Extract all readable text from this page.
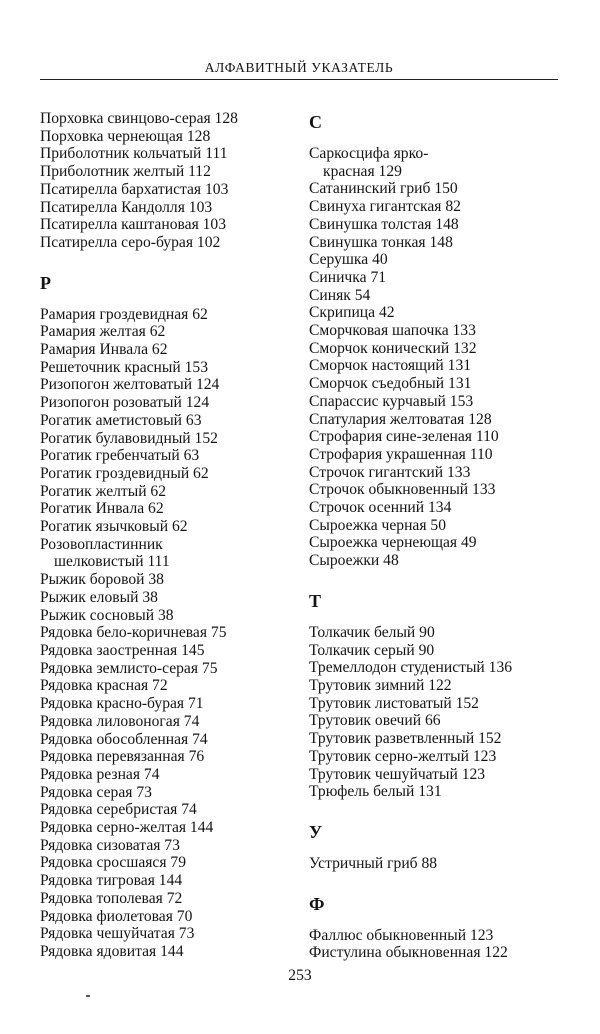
АЛФАВИТНЫЙ УКАЗАТЕЛЬ
Порховка свинцово-серая 128
Порховка чернеющая 128
Приболотник кольчатый 111
Приболотник желтый 112
Псатирелла бархатистая 103
Псатирелла Кандолля 103
Псатирелла каштановая 103
Псатирелла серо-бурая 102
Р
Рамария гроздевидная 62
Рамария желтая 62
Рамария Инвала 62
Решеточник красный 153
Ризопогон желтоватый 124
Ризопогон розоватый 124
Рогатик аметистовый 63
Рогатик булавовидный 152
Рогатик гребенчатый 63
Рогатик гроздевидный 62
Рогатик желтый 62
Рогатик Инвала 62
Рогатик язычковый 62
Розовопластинник
шелковистый 111
Рыжик боровой 38
Рыжик еловый 38
Рыжик сосновый 38
Рядовка бело-коричневая 75
Рядовка заостренная 145
Рядовка землисто-серая 75
Рядовка красная 72
Рядовка красно-бурая 71
Рядовка лиловоногая 74
Рядовка обособленная 74
Рядовка перевязанная 76
Рядовка резная 74
Рядовка серая 73
Рядовка серебристая 74
Рядовка серно-желтая 144
Рядовка сизоватая 73
Рядовка сросшаяся 79
Рядовка тигровая 144
Рядовка тополевая 72
Рядовка фиолетовая 70
Рядовка чешуйчатая 73
Рядовка ядовитая 144
С
Саркосцифа ярко-
красная 129
Сатанинский гриб 150
Свинуха гигантская 82
Свинушка толстая 148
Свинушка тонкая 148
Серушка 40
Синичка 71
Синяк 54
Скрипица 42
Сморчковая шапочка 133
Сморчок конический 132
Сморчок настоящий 131
Сморчок съедобный 131
Спарассис курчавый 153
Спатулария желтоватая 128
Строфария сине-зеленая 110
Строфария украшенная 110
Строчок гигантский 133
Строчок обыкновенный 133
Строчок осенний 134
Сыроежка черная 50
Сыроежка чернеющая 49
Сыроежки 48
Т
Толкачик белый 90
Толкачик серый 90
Тремеллодон студенистый 136
Трутовик зимний 122
Трутовик листоватый 152
Трутовик овечий 66
Трутовик разветвленный 152
Трутовик серно-желтый 123
Трутовик чешуйчатый 123
Трюфель белый 131
У
Устричный гриб 88
Ф
Фаллюс обыкновенный 123
Фистулина обыкновенная 122
253
